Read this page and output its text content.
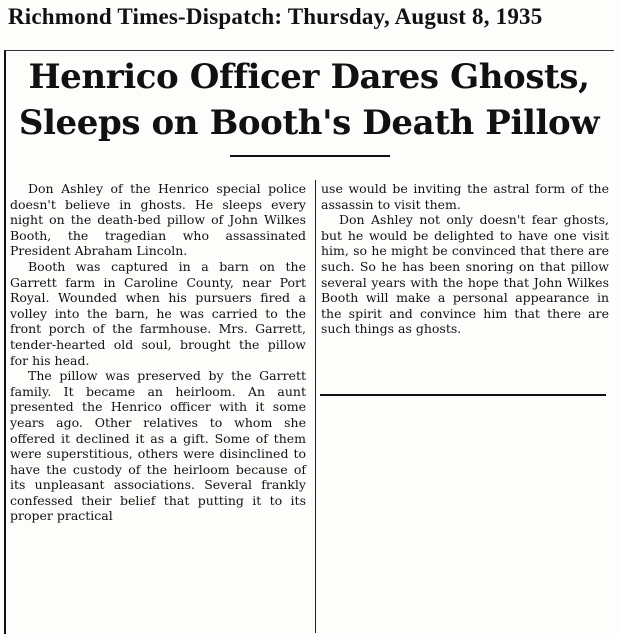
Richmond Times-Dispatch: Thursday, August 8, 1935
Henrico Officer Dares Ghosts,
Sleeps on Booth's Death Pillow

Don Ashley of the Henrico special police doesn't believe in ghosts. He sleeps every night on the death-bed pillow of John Wilkes Booth, the tragedian who assassinated President Abraham Lincoln.

Booth was captured in a barn on the Garrett farm in Caroline County, near Port Royal. Wounded when his pursuers fired a volley into the barn, he was carried to the front porch of the farmhouse. Mrs. Garrett, tender-hearted old soul, brought the pillow for his head.

The pillow was preserved by the Garrett family. It became an heirloom. An aunt presented the Henrico officer with it some years ago. Other relatives to whom she offered it declined it as a gift. Some of them were superstitious, others were disinclined to have the custody of the heirloom because of its unpleasant associations. Several frankly confessed their belief that putting it to its proper practical

use would be inviting the astral form of the assassin to visit them.

Don Ashley not only doesn't fear ghosts, but he would be delighted to have one visit him, so he might be convinced that there are such. So he has been snoring on that pillow several years with the hope that John Wilkes Booth will make a personal appearance in the spirit and convince him that there are such things as ghosts.
